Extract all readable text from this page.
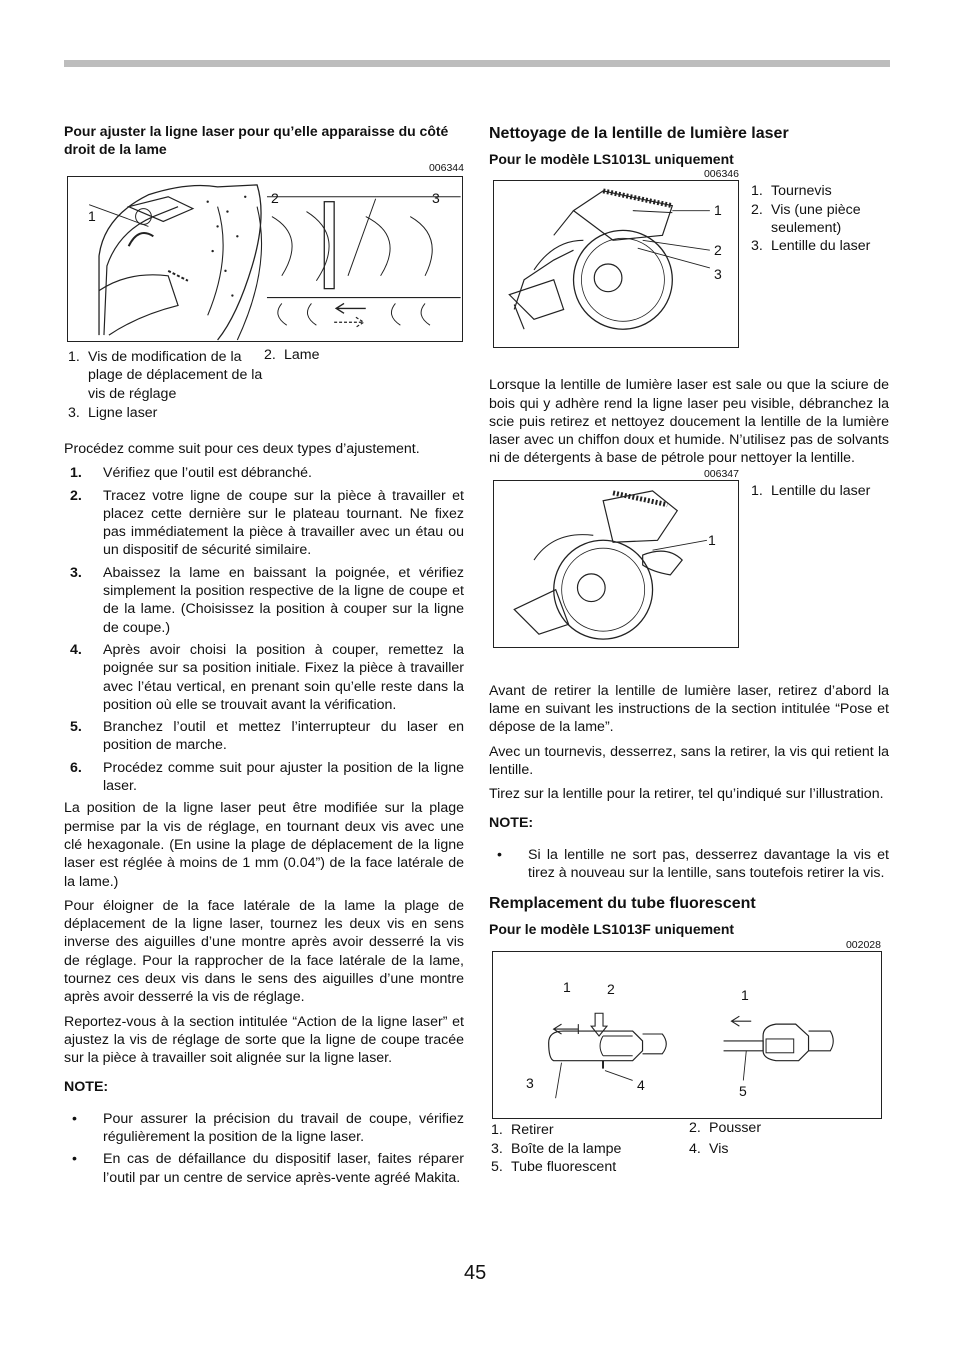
Pour ajuster la ligne laser pour qu’elle apparaisse du côté droit de la lame
006344
1
2	3
1. Vis de modification de la plage de déplacement de la vis de réglage
2. Lame
3. Ligne laser

Procédez comme suit pour ces deux types d’ajustement.

1. Vérifiez que l’outil est débranché.
2. Tracez votre ligne de coupe sur la pièce à travailler et placez cette dernière sur le plateau tournant. Ne fixez pas immédiatement la pièce à travailler avec un étau ou un dispositif de sécurité similaire.
3. Abaissez la lame en baissant la poignée, et vérifiez simplement la position respective de la ligne de coupe et de la lame. (Choisissez la position à couper sur la ligne de coupe.)
4. Après avoir choisi la position à couper, remettez la poignée sur sa position initiale. Fixez la pièce à travailler avec l’étau vertical, en prenant soin qu’elle reste dans la position où elle se trouvait avant la vérification.
5. Branchez l’outil et mettez l’interrupteur du laser en position de marche.
6. Procédez comme suit pour ajuster la position de la ligne laser.

La position de la ligne laser peut être modifiée sur la plage permise par la vis de réglage, en tournant deux vis avec une clé hexagonale. (En usine la plage de déplacement de la ligne laser est réglée à moins de 1 mm (0.04”) de la face latérale de la lame.)

Pour éloigner de la face latérale de la lame la plage de déplacement de la ligne laser, tournez les deux vis en sens inverse des aiguilles d’une montre après avoir desserré la vis de réglage. Pour la rapprocher de la face latérale de la lame, tournez ces deux vis dans le sens des aiguilles d’une montre après avoir desserré la vis de réglage.

Reportez-vous à la section intitulée “Action de la ligne laser” et ajustez la vis de réglage de sorte que la ligne de coupe tracée sur la pièce à travailler soit alignée sur la ligne laser.

NOTE:

• Pour assurer la précision du travail de coupe, vérifiez régulièrement la position de la ligne laser.
• En cas de défaillance du dispositif laser, faites réparer l’outil par un centre de service après-vente agréé Makita.
Nettoyage de la lentille de lumière laser
Pour le modèle LS1013L uniquement
006346
1
2
3
1. Tournevis
2. Vis (une pièce seulement)
3. Lentille du laser

Lorsque la lentille de lumière laser est sale ou que la sciure de bois qui y adhère rend la ligne laser peu visible, débranchez la scie puis retirez et nettoyez doucement la lentille de la lumière laser avec un chiffon doux et humide. N’utilisez pas de solvants ni de détergents à base de pétrole pour nettoyer la lentille.

006347
1
1. Lentille du laser

Avant de retirer la lentille de lumière laser, retirez d’abord la lame en suivant les instructions de la section intitulée “Pose et dépose de la lame”.

Avec un tournevis, desserrez, sans la retirer, la vis qui retient la lentille.

Tirez sur la lentille pour la retirer, tel qu’indiqué sur l’illustration.

NOTE:

• Si la lentille ne sort pas, desserrez davantage la vis et tirez à nouveau sur la lentille, sans toutefois retirer la vis.
Remplacement du tube fluorescent
Pour le modèle LS1013F uniquement
002028
1	2
3	4
1
5
1. Retirer	2. Pousser
3. Boîte de la lampe	4. Vis
5. Tube fluorescent
45
